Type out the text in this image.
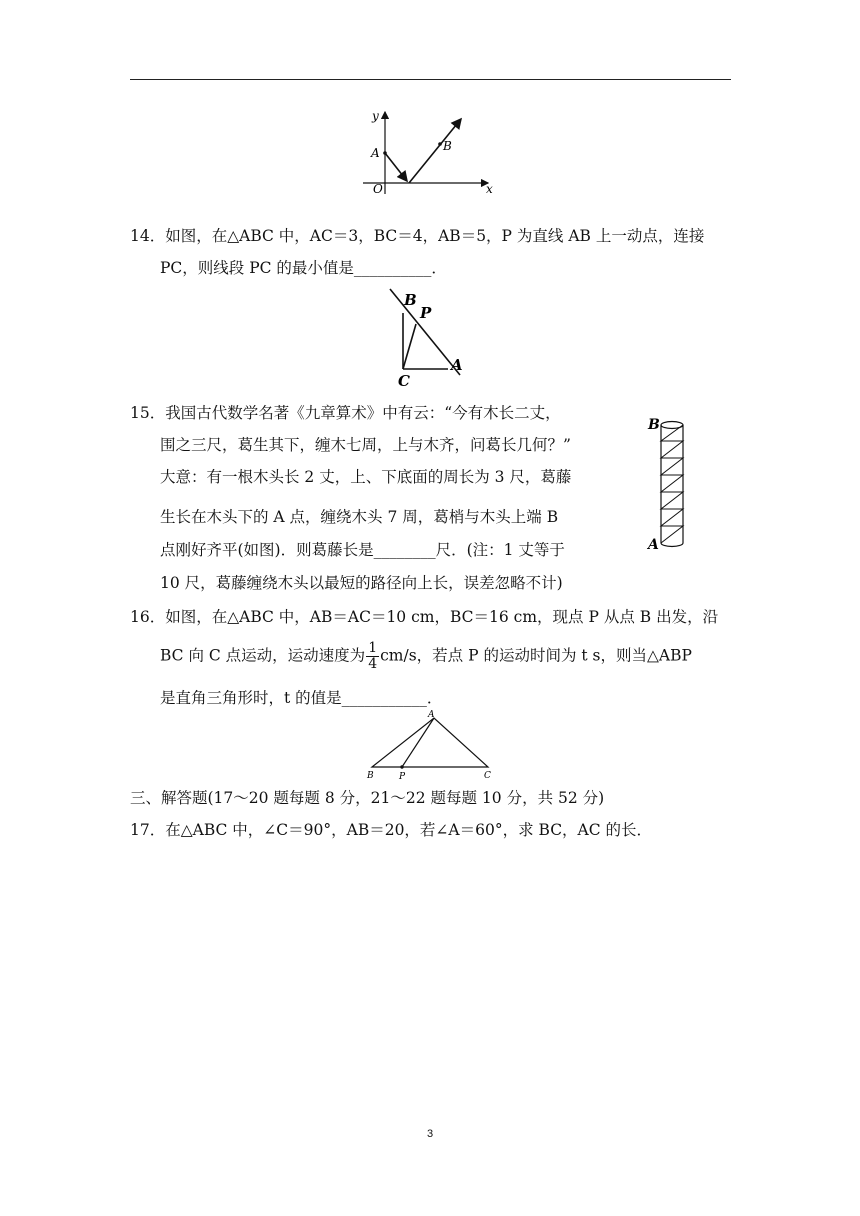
y
x
O
A	B
14．如图，在△ABC 中，AC＝3，BC＝4，AB＝5，P 为直线 AB 上一动点，连接
PC，则线段 PC 的最小值是__________．
B
P
A
C
15．我国古代数学名著《九章算术》中有云：“今有木长二丈，
围之三尺，葛生其下，缠木七周，上与木齐，问葛长几何？”
大意：有一根木头长 2 丈，上、下底面的周长为 3 尺，葛藤
生长在木头下的 A 点，缠绕木头 7 周，葛梢与木头上端 B
点刚好齐平(如图)．则葛藤长是________尺．(注：1 丈等于
10 尺，葛藤缠绕木头以最短的路径向上长，误差忽略不计)
B
A
16．如图，在△ABC 中，AB＝AC＝10 cm，BC＝16 cm，现点 P 从点 B 出发，沿
BC 向 C 点运动，运动速度为 $\frac{1}{4} cm/s$，若点 P 的运动时间为 t s，则当△ABP
是直角三角形时，t 的值是___________．
A
B	P	C
三、解答题(17～20 题每题 8 分，21～22 题每题 10 分，共 52 分)
17．在△ABC 中，∠C＝90°，AB＝20，若∠A＝60°，求 BC，AC 的长．
3
